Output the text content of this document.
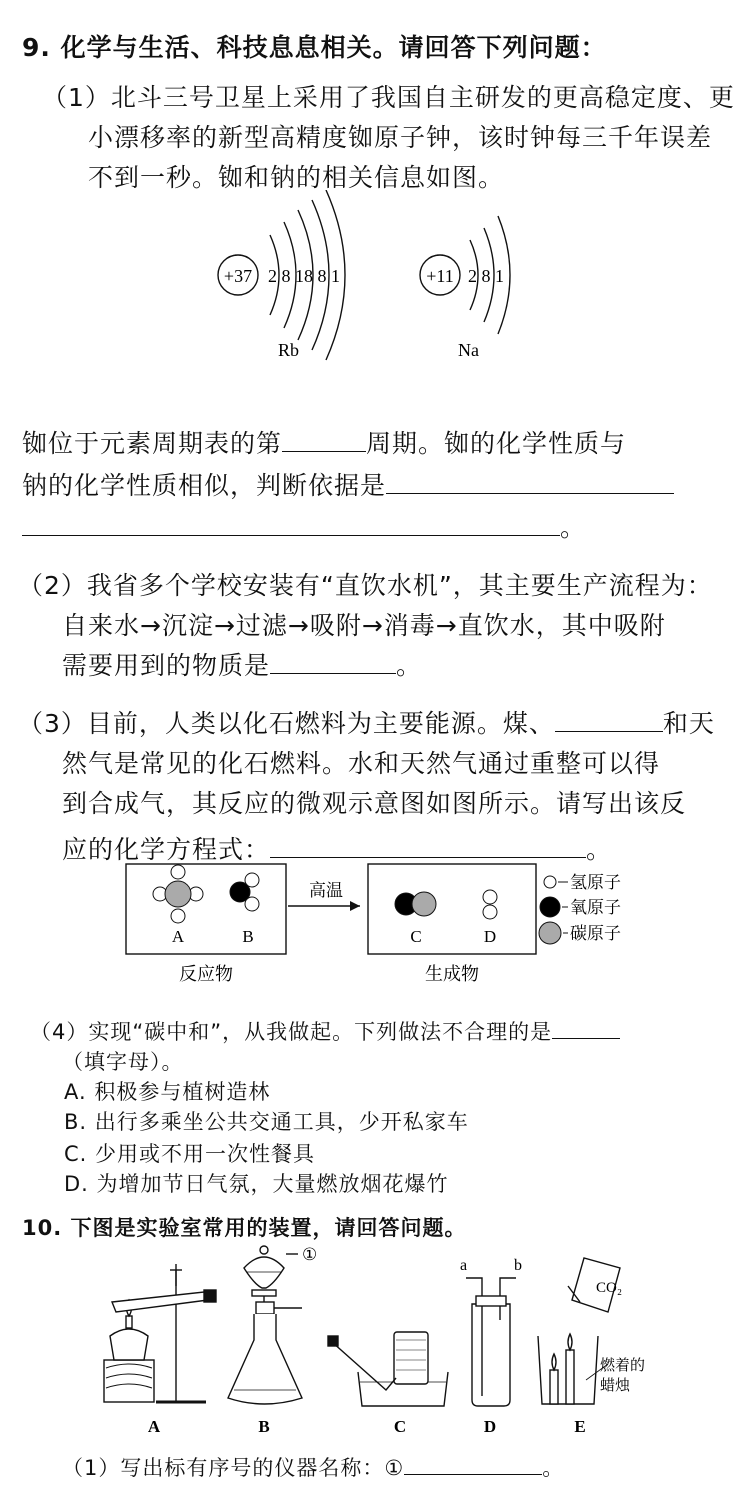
9. 化学与生活、科技息息相关。请回答下列问题：
（1）北斗三号卫星上采用了我国自主研发的更高稳定度、更
小漂移率的新型高精度铷原子钟，该时钟每三千年误差
不到一秒。铷和钠的相关信息如图。
+37 2 8 18 8 1
Rb
+11 2 8 1
Na
铷位于元素周期表的第	周期。铷的化学性质与
钠的化学性质相似，判断依据是
。
（2）我省多个学校安装有“直饮水机”，其主要生产流程为：
自来水→沉淀→过滤→吸附→消毒→直饮水，其中吸附
需要用到的物质是	。
（3）目前，人类以化石燃料为主要能源。煤、	和天
然气是常见的化石燃料。水和天然气通过重整可以得
到合成气，其反应的微观示意图如图所示。请写出该反
应的化学方程式：	。
A	B
高温
C	D
氢原子
氧原子
碳原子
反应物	生成物
（4）实现“碳中和”，从我做起。下列做法不合理的是
（填字母）。
A. 积极参与植树造林
B. 出行多乘坐公共交通工具，少开私家车
C. 少用或不用一次性餐具
D. 为增加节日气氛，大量燃放烟花爆竹
10. 下图是实验室常用的装置，请回答问题。
A
①
B	C
a	b
D
CO₂
燃着的
蜡烛
E
（1）写出标有序号的仪器名称：①	。
